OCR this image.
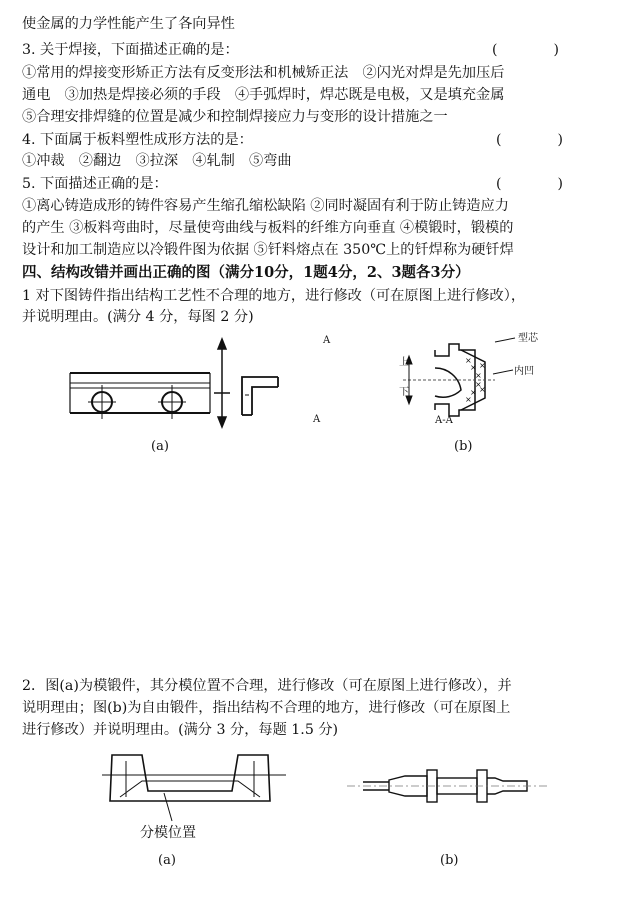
使金属的力学性能产生了各向异性
3. 关于焊接，下面描述正确的是：	(　　　　)
①常用的焊接变形矫正方法有反变形法和机械矫正法　②闪光对焊是先加压后
通电　③加热是焊接必须的手段　④手弧焊时，焊芯既是电极，又是填充金属
⑤合理安排焊缝的位置是减少和控制焊接应力与变形的设计措施之一
4. 下面属于板料塑性成形方法的是：	(　　　　)
①冲裁　②翻边　③拉深　④轧制　⑤弯曲
5. 下面描述正确的是：	(　　　　)
①离心铸造成形的铸件容易产生缩孔缩松缺陷 ②同时凝固有利于防止铸造应力
的产生 ③板料弯曲时，尽量使弯曲线与板料的纤维方向垂直 ④模锻时，锻模的
设计和加工制造应以冷锻件图为依据 ⑤钎料熔点在 350℃上的钎焊称为硬钎焊
四、结构改错并画出正确的图（满分10分，1题4分，2、3题各3分）
1 对下图铸件指出结构工艺性不合理的地方，进行修改（可在原图上进行修改），
并说明理由。(满分 4 分，每图 2 分)
A
A
(a)
×
×
×
×
×
×
×
×
上
下
型芯
内凹
A-A
(b)
2．图(a)为模锻件，其分模位置不合理，进行修改（可在原图上进行修改），并
说明理由；图(b)为自由锻件，指出结构不合理的地方，进行修改（可在原图上
进行修改）并说明理由。(满分 3 分，每题 1.5 分)
分模位置
(a)	(b)
